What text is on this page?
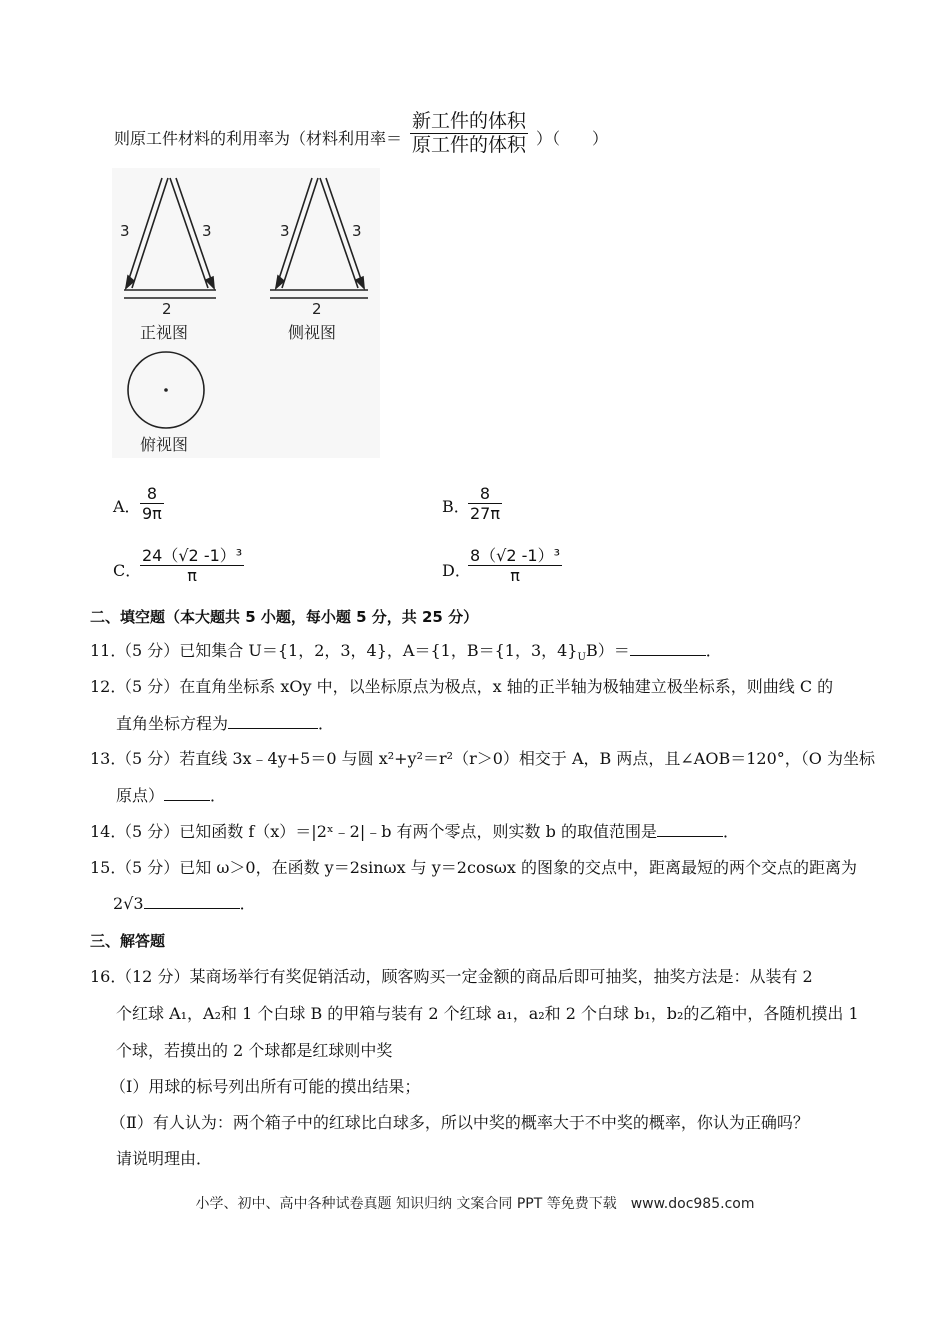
则原工件材料的利用率为（材料利用率＝
新工件的体积
原工件的体积 ）（　　）
3	3
2
3	3
2
正视图	侧视图
俯视图
A． $\frac{8}{9\pi}$	B．
$\frac{8}{27\pi}$
C．
$\frac{\text{24（√2 -1）³}}{\pi}$	D．
$\frac{\text{8（√2 -1）³}}{\pi}$
二、填空题（本大题共 5 小题，每小题 5 分，共 25 分）
11．
（5 分）已知集合 U＝{1，2，3，4}，A＝{1，B＝{1，3，$4\}_UB)=$	．
12．
（5 分）在直角坐标系 xOy 中，以坐标原点为极点，x 轴的正半轴为极轴建立极坐标系，则曲线 C 的
直角坐标方程为	．
13．
（5 分）若直线 3x﹣4y+5＝0 与圆 x²+y²＝r²（r＞0）相交于 A，B 两点，且∠AOB＝120°，（O 为坐标
原点）	．
14．
（5 分）已知函数 f（x）＝|2ˣ﹣2|﹣b 有两个零点，则实数 b 的取值范围是	．
15．
（5 分）已知 ω＞0，在函数 y＝2sinωx 与 y＝2cosωx 的图象的交点中，距离最短的两个交点的距离为
2√3	．
三、解答题
16．
（12 分）某商场举行有奖促销活动，顾客购买一定金额的商品后即可抽奖，抽奖方法是：从装有 2
个红球 A₁，A₂和 1 个白球 B 的甲箱与装有 2 个红球 a₁，a₂和 2 个白球 b₁，b₂的乙箱中，各随机摸出 1
个球，若摸出的 2 个球都是红球则中奖
（Ⅰ）用球的标号列出所有可能的摸出结果；
（Ⅱ）有人认为：两个箱子中的红球比白球多，所以中奖的概率大于不中奖的概率，你认为正确吗？
请说明理由．
小学、初中、高中各种试卷真题 知识归纳 文案合同 PPT 等免费下载　www.doc985.com
